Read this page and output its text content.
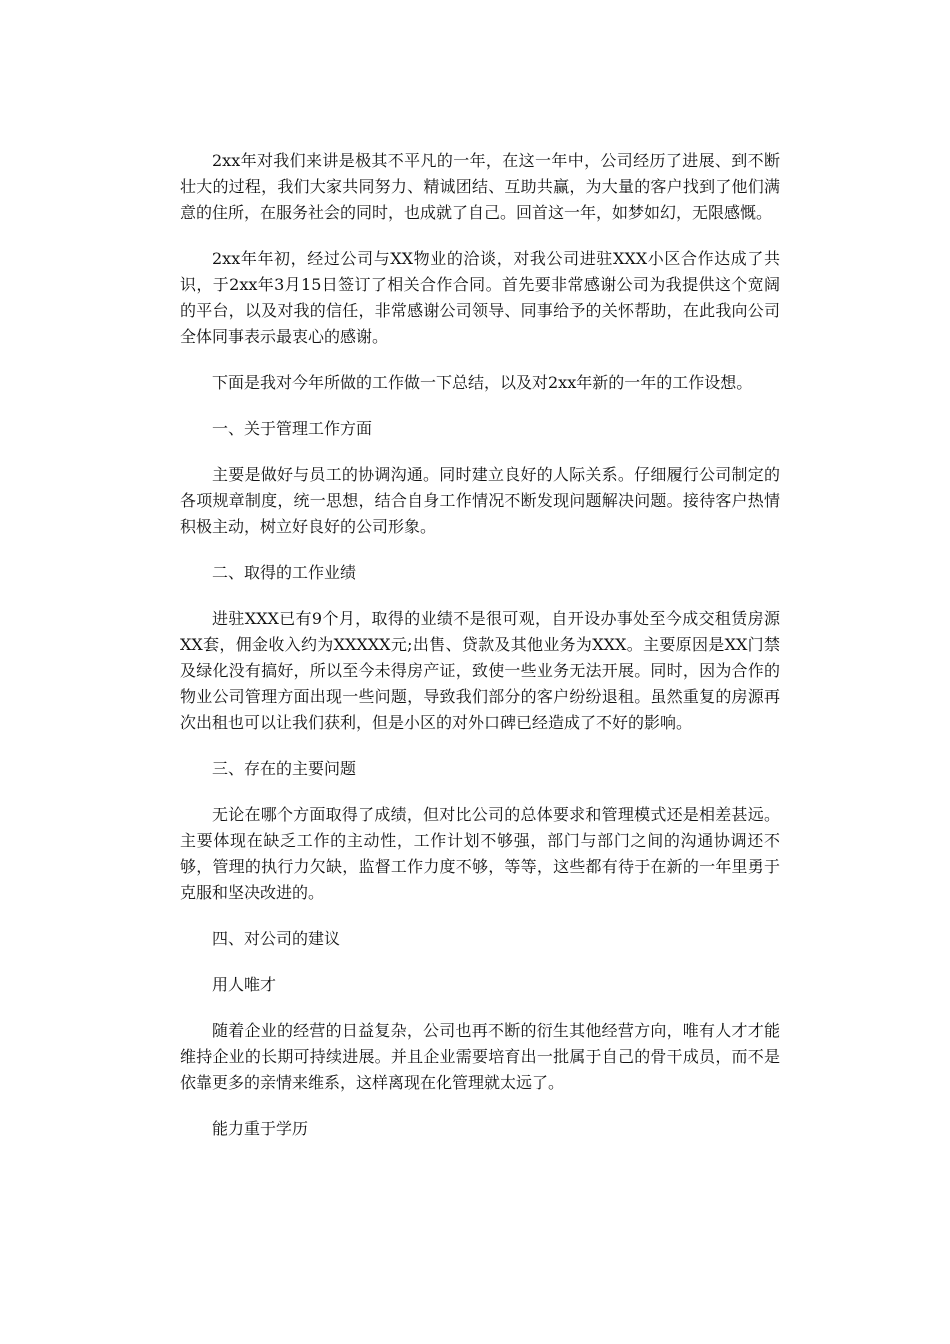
2xx年对我们来讲是极其不平凡的一年，在这一年中，公司经历了进展、到不断壮大的过程，我们大家共同努力、精诚团结、互助共赢，为大量的客户找到了他们满意的住所，在服务社会的同时，也成就了自己。回首这一年，如梦如幻，无限感慨。

2xx年年初，经过公司与XX物业的洽谈，对我公司进驻XXX小区合作达成了共识，于2xx年3月15日签订了相关合作合同。首先要非常感谢公司为我提供这个宽阔的平台，以及对我的信任，非常感谢公司领导、同事给予的关怀帮助，在此我向公司全体同事表示最衷心的感谢。

下面是我对今年所做的工作做一下总结，以及对2xx年新的一年的工作设想。

一、关于管理工作方面

主要是做好与员工的协调沟通。同时建立良好的人际关系。仔细履行公司制定的各项规章制度，统一思想，结合自身工作情况不断发现问题解决问题。接待客户热情积极主动，树立好良好的公司形象。

二、取得的工作业绩

进驻XXX已有9个月，取得的业绩不是很可观，自开设办事处至今成交租赁房源XX套，佣金收入约为XXXXX元;出售、贷款及其他业务为XXX。主要原因是XX门禁及绿化没有搞好，所以至今未得房产证，致使一些业务无法开展。同时，因为合作的物业公司管理方面出现一些问题，导致我们部分的客户纷纷退租。虽然重复的房源再次出租也可以让我们获利，但是小区的对外口碑已经造成了不好的影响。

三、存在的主要问题

无论在哪个方面取得了成绩，但对比公司的总体要求和管理模式还是相差甚远。主要体现在缺乏工作的主动性，工作计划不够强，部门与部门之间的沟通协调还不够，管理的执行力欠缺，监督工作力度不够，等等，这些都有待于在新的一年里勇于克服和坚决改进的。

四、对公司的建议

用人唯才

随着企业的经营的日益复杂，公司也再不断的衍生其他经营方向，唯有人才才能维持企业的长期可持续进展。并且企业需要培育出一批属于自己的骨干成员，而不是依靠更多的亲情来维系，这样离现在化管理就太远了。

能力重于学历
